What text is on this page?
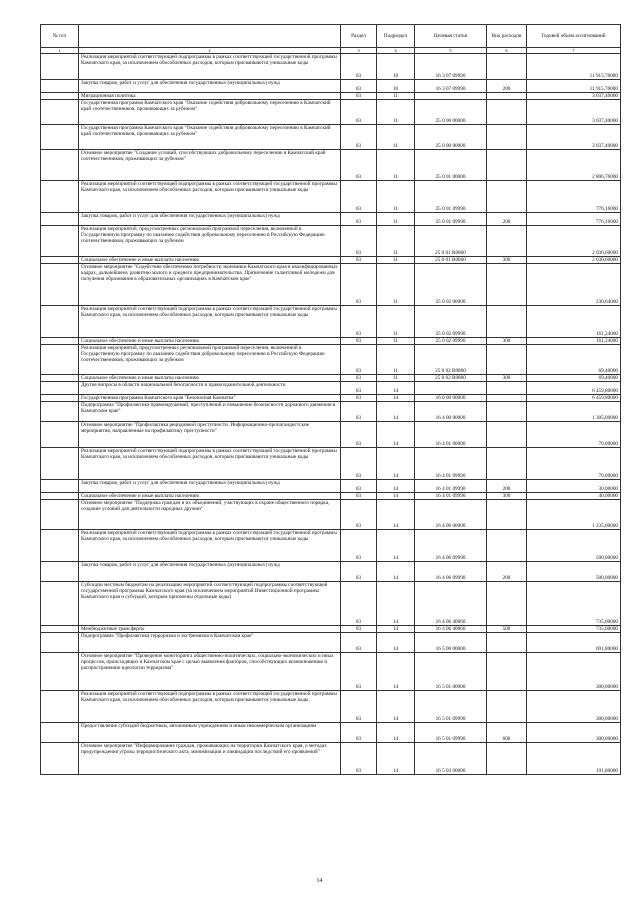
№ п/п		Раздел	Подраздел	Целевая статья	Вид расходов	Годовой объем ассигнований
1	2	3	4	5	6	7
	Реализация мероприятий соответствующей подпрограммы в рамках соответствующей государственной программы Камчатского края, за исключением обособленных расходов, которым присваиваются уникальные коды	03	10	16 3 07 09990		11 915,70000
	Закупка товаров, работ и услуг для обеспечения государственных (муниципальных) нужд	03	10	16 3 07 09990	200	11 915,70000
	Миграционная политика	03	11			3 037,40000
	Государственная программа Камчатского края "Оказание содействия добровольному переселению в Камчатский край соотечественников, проживающих за рубежом"	03	11	25 0 00 00000		3 037,40000
	Государственная программа Камчатского края "Оказание содействия добровольному переселению в Камчатский край соотечественников, проживающих за рубежом"	03	11	25 0 00 00000		3 037,40000
	Основное мероприятие "Создание условий, способствующих добровольному переселению в Камчатский край соотечественников, проживающих за рубежом"	03	11	25 0 01 00000		2 806,76000
	Реализация мероприятий соответствующей подпрограммы в рамках соответствующей государственной программы Камчатского края, за исключением обособленных расходов, которым присваиваются уникальные коды	03	11	25 0 01 09990		776,16000
	Закупка товаров, работ и услуг для обеспечения государственных (муниципальных) нужд	03	11	25 0 01 09990	200	776,16000
	Реализация мероприятий, предусмотренных региональной программой переселения, включенной в Государственную программу по оказанию содействия добровольному переселению в Российскую Федерацию соотечественников, проживающих за рубежом	03	11	25 0 01 R0860		2 030,60000
	Социальное обеспечение и иные выплаты населению	03	11	25 0 01 R0860	300	2 030,60000
	Основное мероприятие "Содействие обеспечению потребности экономики Камчатского края в квалифицированных кадрах, дальнейшему развитию малого и среднего предпринимательства. Привлечение талантливой молодежи для получения образования в образовательных организациях в Камчатском крае"	03	11	25 0 02 00000		230,64000
	Реализация мероприятий соответствующей подпрограммы в рамках соответствующей государственной программы Камчатского края, за исключением обособленных расходов, которым присваиваются уникальные коды	03	11	25 0 02 09990		161,24000
	Социальное обеспечение и иные выплаты населению	03	11	25 0 02 09990	300	161,24000
	Реализация мероприятий, предусмотренных региональной программой переселения, включенной в Государственную программу по оказанию содействия добровольному переселению в Российскую Федерацию соотечественников, проживающих за рубежом	03	11	25 0 02 R0860		69,40000
	Социальное обеспечение и иные выплаты населению	03	11	25 0 02 R0860	300	69,40000
	Другие вопросы в области национальной безопасности и правоохранительной деятельности	03	14			6 459,80000
	Государственная программа Камчатского края "Безопасная Камчатка"	03	14	16 0 00 00000		6 459,80000
	Подпрограмма "Профилактика правонарушений, преступлений и повышение безопасности дорожного движения в Камчатском крае"	03	14	16 4 00 00000		1 305,00000
	Основное мероприятие "Профилактика рецидивной преступности. Информационно-пропагандистские мероприятия, направленные на профилактику преступности"	03	14	16 4 01 00000		70,00000
	Реализация мероприятий соответствующей подпрограммы в рамках соответствующей государственной программы Камчатского края, за исключением обособленных расходов, которым присваиваются уникальные коды	03	14	16 4 01 09990		70,00000
	Закупка товаров, работ и услуг для обеспечения государственных (муниципальных) нужд	03	14	16 4 01 09990	200	30,00000
	Социальное обеспечение и иные выплаты населению	03	14	16 4 01 09990	300	40,00000
	Основное мероприятие "Поддержка граждан и их объединений, участвующих в охране общественного порядка, создание условий для деятельности народных дружин"	03	14	16 4 06 00000		1 235,00000
	Реализация мероприятий соответствующей подпрограммы в рамках соответствующей государственной программы Камчатского края, за исключением обособленных расходов, которым присваиваются уникальные коды	03	14	16 4 06 09990		500,00000
	Закупка товаров, работ и услуг для обеспечения государственных (муниципальных) нужд	03	14	16 4 06 09990	200	500,00000
	Субсидии местным бюджетам на реализацию мероприятий соответствующей подпрограммы соответствующей государственной программы Камчатского края (за исключением мероприятий Инвестиционной программы Камчатского края и субсидий, которым присвоены отдельные коды)	03	14	16 4 06 40060		735,00000
	Межбюджетные трансферты	03	14	16 4 06 40060	500	735,00000
	Подпрограмма "Профилактика терроризма и экстремизма в Камчатском крае"	03	14	16 5 00 00000		691,80000
	Основное мероприятие "Проведение мониторинга общественно-политических, социально-экономических и иных процессов, происходящих в Камчатском крае с целью выявления факторов, способствующих возникновению и распространению идеологии терроризма"	03	14	16 5 01 00000		300,00000
	Реализация мероприятий соответствующей подпрограммы в рамках соответствующей государственной программы Камчатского края, за исключением обособленных расходов, которым присваиваются уникальные коды	03	14	16 5 01 09990		300,00000
	Предоставление субсидий бюджетным, автономным учреждениям и иным некоммерческим организациям	03	14	16 5 01 09990	600	300,00000
	Основное мероприятие "Информирование граждан, проживающих на территории Камчатского края, о методах предупреждения угрозы террористического акта, минимизации и ликвидации последствий его проявлений"	03	14	16 5 03 00000		191,80000
14
